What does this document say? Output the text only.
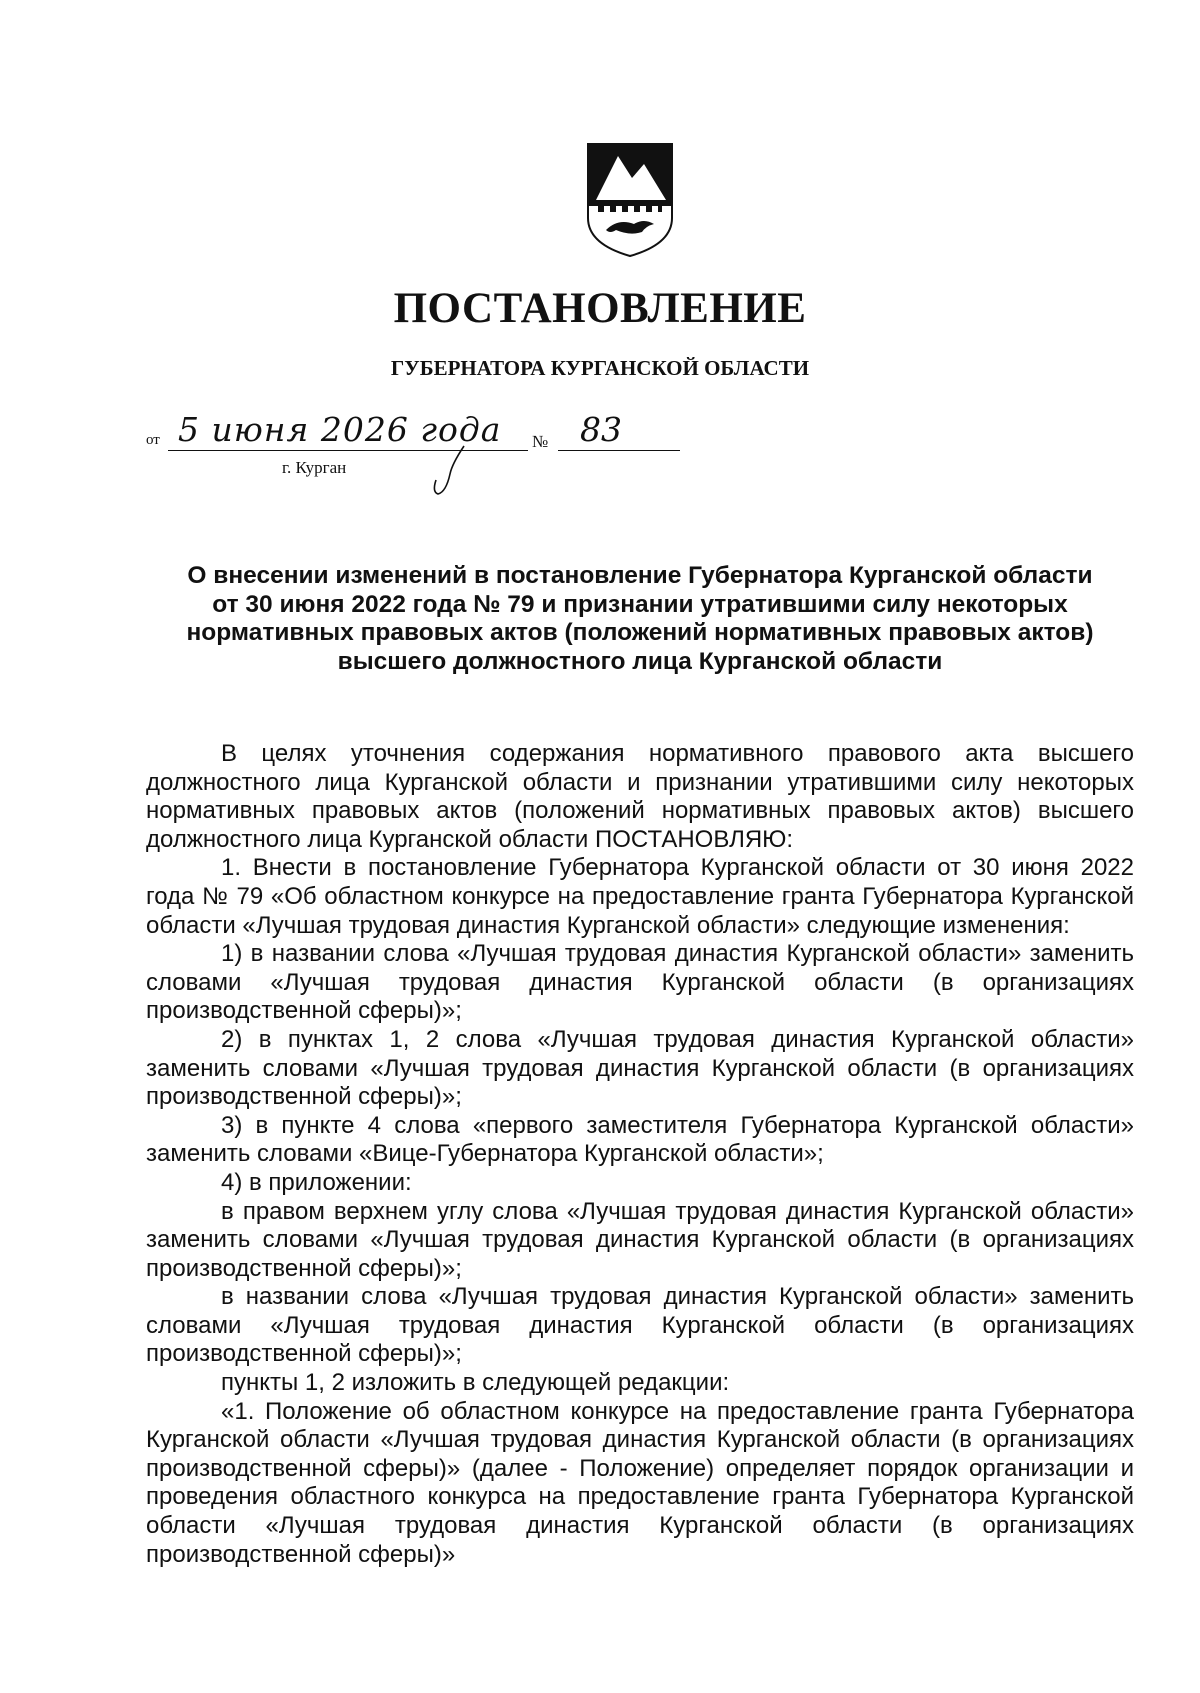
ПОСТАНОВЛЕНИЕ
ГУБЕРНАТОРА КУРГАНСКОЙ ОБЛАСТИ
от 5 июня 2026 года	№ 83
г. Курган
О внесении изменений в постановление Губернатора Курганской области
от 30 июня 2022 года № 79 и признании утратившими силу некоторых
нормативных правовых актов (положений нормативных правовых актов)
высшего должностного лица Курганской области

В целях уточнения содержания нормативного правового акта высшего должностного лица Курганской области и признании утратившими силу некоторых нормативных правовых актов (положений нормативных правовых актов) высшего должностного лица Курганской области ПОСТАНОВЛЯЮ:

1. Внести в постановление Губернатора Курганской области от 30 июня 2022 года № 79 «Об областном конкурсе на предоставление гранта Губернатора Курганской области «Лучшая трудовая династия Курганской области» следующие изменения:

1) в названии слова «Лучшая трудовая династия Курганской области» заменить словами «Лучшая трудовая династия Курганской области (в организациях производственной сферы)»;

2) в пунктах 1, 2 слова «Лучшая трудовая династия Курганской области» заменить словами «Лучшая трудовая династия Курганской области (в организациях производственной сферы)»;

3) в пункте 4 слова «первого заместителя Губернатора Курганской области» заменить словами «Вице-Губернатора Курганской области»;

4) в приложении:

в правом верхнем углу слова «Лучшая трудовая династия Курганской области» заменить словами «Лучшая трудовая династия Курганской области (в организациях производственной сферы)»;

в названии слова «Лучшая трудовая династия Курганской области» заменить словами «Лучшая трудовая династия Курганской области (в организациях производственной сферы)»;

пункты 1, 2 изложить в следующей редакции:

«1. Положение об областном конкурсе на предоставление гранта Губернатора Курганской области «Лучшая трудовая династия Курганской области (в организациях производственной сферы)» (далее - Положение) определяет порядок организации и проведения областного конкурса на предоставление гранта Губернатора Курганской области «Лучшая трудовая династия Курганской области (в организациях производственной сферы)»
